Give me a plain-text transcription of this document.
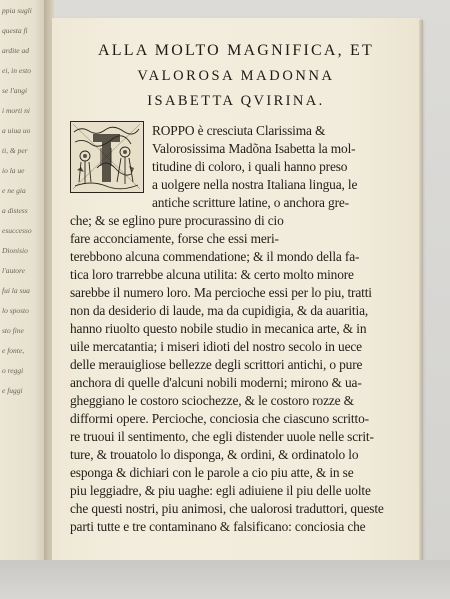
ppia sugli
questa fi
ardite ad
ei, in esto
se l'angi
i morti ni
a uiua uo
ti, & per
io la ue
e ne gia
a distess
esuccesso
Dionisio
l'autore
fui la sua
lo sposto
sto fine
e fonte,
o reggi
e fuggi
ALLA MOLTO MAGNIFICA, ET
VALOROSA MADONNA
ISABETTA QVIRINA.
ROPPO è cresciuta Clarissima &
Valorosissima Madõna Isabetta la mol-
titudine di coloro, i quali hanno preso
a uolgere nella nostra Italiana lingua, le
antiche scritture latine, o anchora gre-
che; & se eglino pure procurassino di cio
fare acconciamente, forse che essi meri-
terebbono alcuna commendatione; & il mondo della fa-
tica loro trarrebbe alcuna utilita: & certo molto minore
sarebbe il numero loro. Ma percioche essi per lo piu, tratti
non da desiderio di laude, ma da cupidigia, & da auaritia,
hanno riuolto questo nobile studio in mecanica arte, & in
uile mercatantia; i miseri idioti del nostro secolo in uece
delle merauigliose bellezze degli scrittori antichi, o pure
anchora di quelle d'alcuni nobili moderni; mirono & ua-
gheggiano le costoro sciochezze, & le costoro rozze &
difformi opere. Percioche, conciosia che ciascuno scritto-
re truoui il sentimento, che egli distender uuole nelle scrit-
ture, & trouatolo lo disponga, & ordini, & ordinatolo lo
esponga & dichiari con le parole a cio piu atte, & in se
piu leggiadre, & piu uaghe: egli adiuiene il piu delle uolte
che questi nostri, piu animosi, che ualorosi traduttori, queste
parti tutte e tre contaminano & falsificano: conciosia che
